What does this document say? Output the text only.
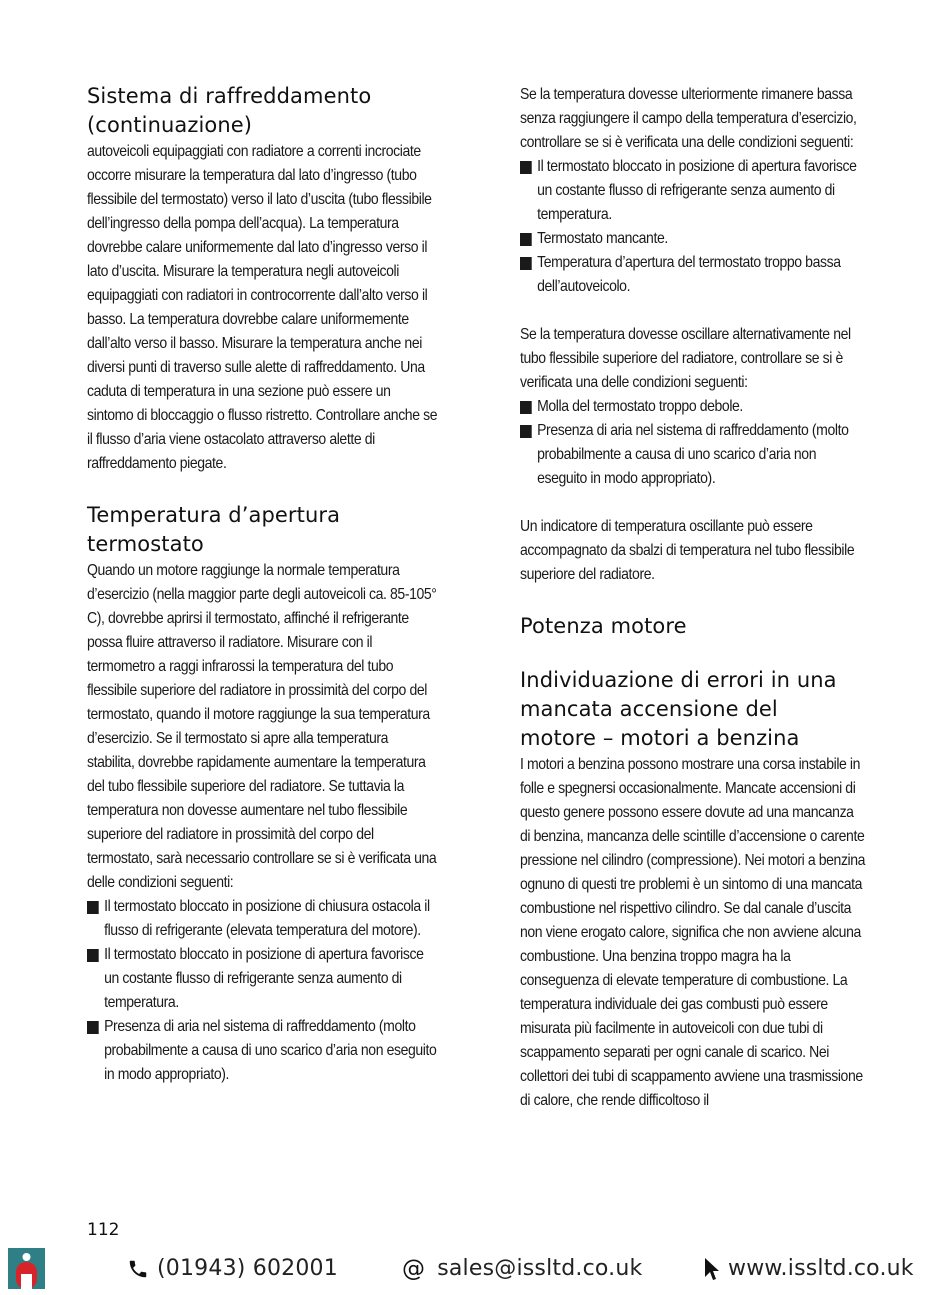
Sistema di raffreddamento (continuazione)

autoveicoli equipaggiati con radiatore a correnti incrociate occorre misurare la temperatura dal lato d’ingresso (tubo flessibile del termostato) verso il lato d’uscita (tubo flessibile dell’ingresso della pompa dell’acqua). La temperatura dovrebbe calare uniformemente dal lato d’ingresso verso il lato d’uscita. Misurare la temperatura negli autoveicoli equipaggiati con radiatori in controcorrente dall’alto verso il basso. La temperatura dovrebbe calare uniformemente dall’alto verso il basso. Misurare la temperatura anche nei diversi punti di traverso sulle alette di raffreddamento. Una caduta di temperatura in una sezione può essere un sintomo di bloccaggio o flusso ristretto. Controllare anche se il flusso d’aria viene ostacolato attraverso alette di raffreddamento piegate.

Temperatura d’apertura termostato

Quando un motore raggiunge la normale temperatura d’esercizio (nella maggior parte degli autoveicoli ca. 85-105° C), dovrebbe aprirsi il termostato, affinché il refrigerante possa fluire attraverso il radiatore. Misurare con il termometro a raggi infrarossi la temperatura del tubo flessibile superiore del radiatore in prossimità del corpo del termostato, quando il motore raggiunge la sua temperatura d’esercizio. Se il termostato si apre alla temperatura stabilita, dovrebbe rapidamente aumentare la temperatura del tubo flessibile superiore del radiatore. Se tuttavia la temperatura non dovesse aumentare nel tubo flessibile superiore del radiatore in prossimità del corpo del termostato, sarà necessario controllare se si è verificata una delle condizioni seguenti:

Il termostato bloccato in posizione di chiusura ostacola il flusso di refrigerante (elevata temperatura del motore).
Il termostato bloccato in posizione di apertura favorisce un costante flusso di refrigerante senza aumento di temperatura.
Presenza di aria nel sistema di raffreddamento (molto probabilmente a causa di uno scarico d’aria non eseguito in modo appropriato).

Se la temperatura dovesse ulteriormente rimanere bassa senza raggiungere il campo della temperatura d’esercizio, controllare se si è verificata una delle condizioni seguenti:

Il termostato bloccato in posizione di apertura favorisce un costante flusso di refrigerante senza aumento di temperatura.
Termostato mancante.
Temperatura d’apertura del termostato troppo bassa dell’autoveicolo.

Se la temperatura dovesse oscillare alternativamente nel tubo flessibile superiore del radiatore, controllare se si è verificata una delle condizioni seguenti:

Molla del termostato troppo debole.
Presenza di aria nel sistema di raffreddamento (molto probabilmente a causa di uno scarico d’aria non eseguito in modo appropriato).

Un indicatore di temperatura oscillante può essere accompagnato da sbalzi di temperatura nel tubo flessibile superiore del radiatore.

Potenza motore
Individuazione di errori in una mancata accensione del motore – motori a benzina

I motori a benzina possono mostrare una corsa instabile in folle e spegnersi occasionalmente. Mancate accensioni di questo genere possono essere dovute ad una mancanza di benzina, mancanza delle scintille d’accensione o carente pressione nel cilindro (compressione). Nei motori a benzina ognuno di questi tre problemi è un sintomo di una mancata combustione nel rispettivo cilindro. Se dal canale d’uscita non viene erogato calore, significa che non avviene alcuna combustione. Una benzina troppo magra ha la conseguenza di elevate temperature di combustione. La temperatura individuale dei gas combusti può essere misurata più facilmente in autoveicoli con due tubi di scappamento separati per ogni canale di scarico. Nei collettori dei tubi di scappamento avviene una trasmissione di calore, che rende difficoltoso il

112
(01943) 602001	@ sales@issltd.co.uk	www.issltd.co.uk
